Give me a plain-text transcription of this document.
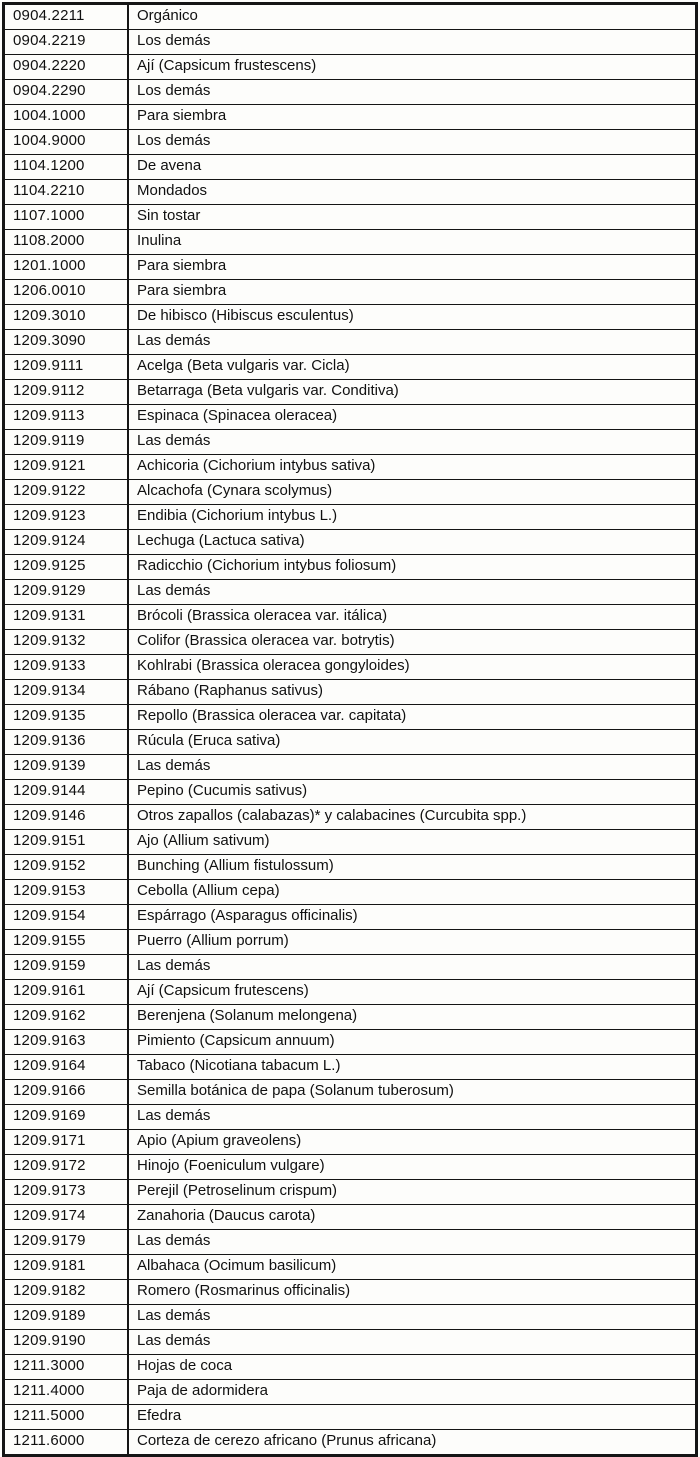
0904.2211	Orgánico
0904.2219	Los demás
0904.2220	Ají (Capsicum frustescens)
0904.2290	Los demás
1004.1000	Para siembra
1004.9000	Los demás
1104.1200	De avena
1104.2210	Mondados
1107.1000	Sin tostar
1108.2000	Inulina
1201.1000	Para siembra
1206.0010	Para siembra
1209.3010	De hibisco (Hibiscus esculentus)
1209.3090	Las demás
1209.9111	Acelga (Beta vulgaris var. Cicla)
1209.9112	Betarraga (Beta vulgaris var. Conditiva)
1209.9113	Espinaca (Spinacea oleracea)
1209.9119	Las demás
1209.9121	Achicoria (Cichorium intybus sativa)
1209.9122	Alcachofa (Cynara scolymus)
1209.9123	Endibia (Cichorium intybus L.)
1209.9124	Lechuga (Lactuca sativa)
1209.9125	Radicchio (Cichorium intybus foliosum)
1209.9129	Las demás
1209.9131	Brócoli (Brassica oleracea var. itálica)
1209.9132	Colifor (Brassica oleracea var. botrytis)
1209.9133	Kohlrabi (Brassica oleracea gongyloides)
1209.9134	Rábano (Raphanus sativus)
1209.9135	Repollo (Brassica oleracea var. capitata)
1209.9136	Rúcula (Eruca sativa)
1209.9139	Las demás
1209.9144	Pepino (Cucumis sativus)
1209.9146	Otros zapallos (calabazas)* y calabacines (Curcubita spp.)
1209.9151	Ajo (Allium sativum)
1209.9152	Bunching (Allium fistulossum)
1209.9153	Cebolla (Allium cepa)
1209.9154	Espárrago (Asparagus officinalis)
1209.9155	Puerro (Allium porrum)
1209.9159	Las demás
1209.9161	Ají (Capsicum frutescens)
1209.9162	Berenjena (Solanum melongena)
1209.9163	Pimiento (Capsicum annuum)
1209.9164	Tabaco (Nicotiana tabacum L.)
1209.9166	Semilla botánica de papa (Solanum tuberosum)
1209.9169	Las demás
1209.9171	Apio (Apium graveolens)
1209.9172	Hinojo (Foeniculum vulgare)
1209.9173	Perejil (Petroselinum crispum)
1209.9174	Zanahoria (Daucus carota)
1209.9179	Las demás
1209.9181	Albahaca (Ocimum basilicum)
1209.9182	Romero (Rosmarinus officinalis)
1209.9189	Las demás
1209.9190	Las demás
1211.3000	Hojas de coca
1211.4000	Paja de adormidera
1211.5000	Efedra
1211.6000	Corteza de cerezo africano (Prunus africana)
